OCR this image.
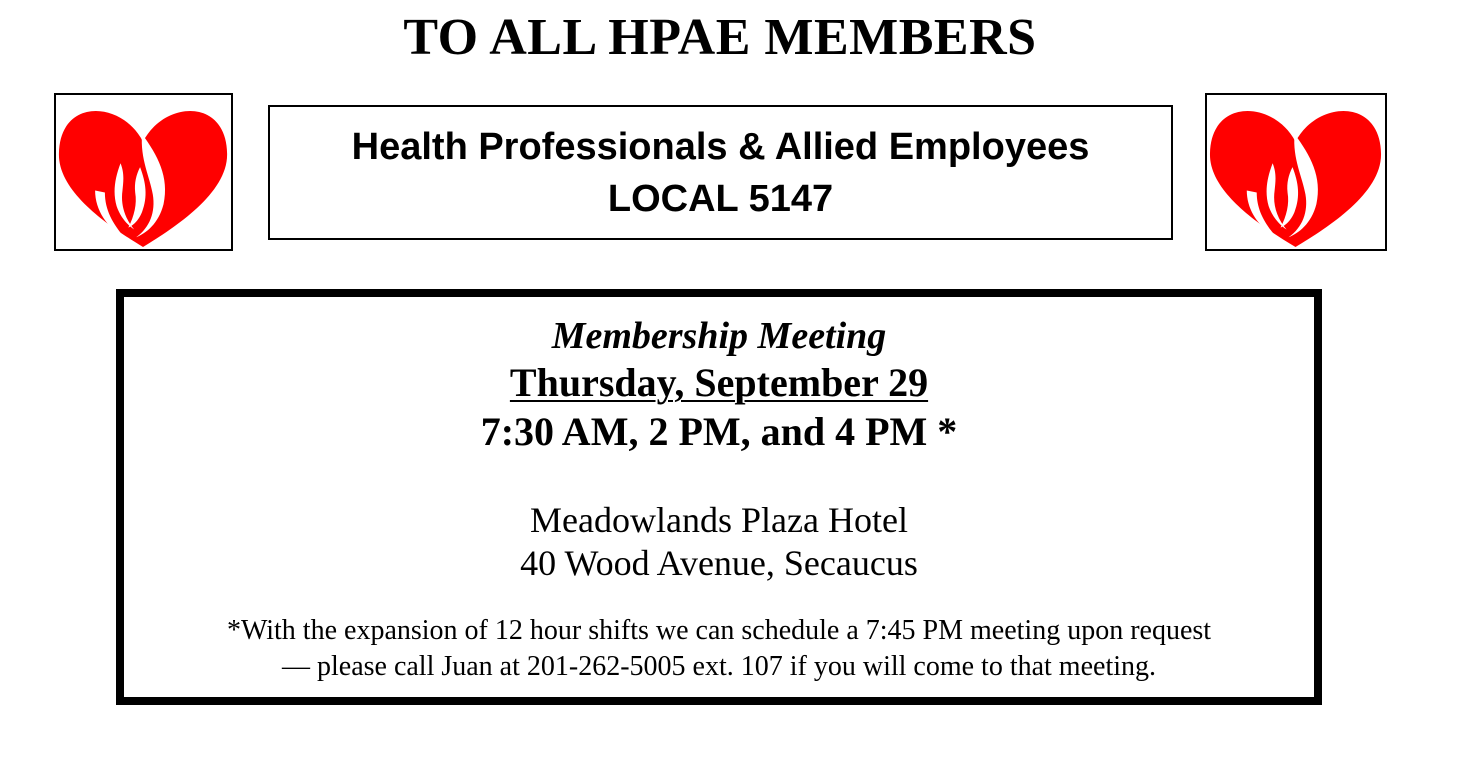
TO ALL HPAE MEMBERS
Health Professionals & Allied Employees
LOCAL 5147
Membership Meeting
Thursday, September 29
7:30 AM, 2 PM, and 4 PM *
Meadowlands Plaza Hotel
40 Wood Avenue, Secaucus
*With the expansion of 12 hour shifts we can schedule a 7:45 PM meeting upon request
— please call Juan at 201-262-5005 ext. 107 if you will come to that meeting.
